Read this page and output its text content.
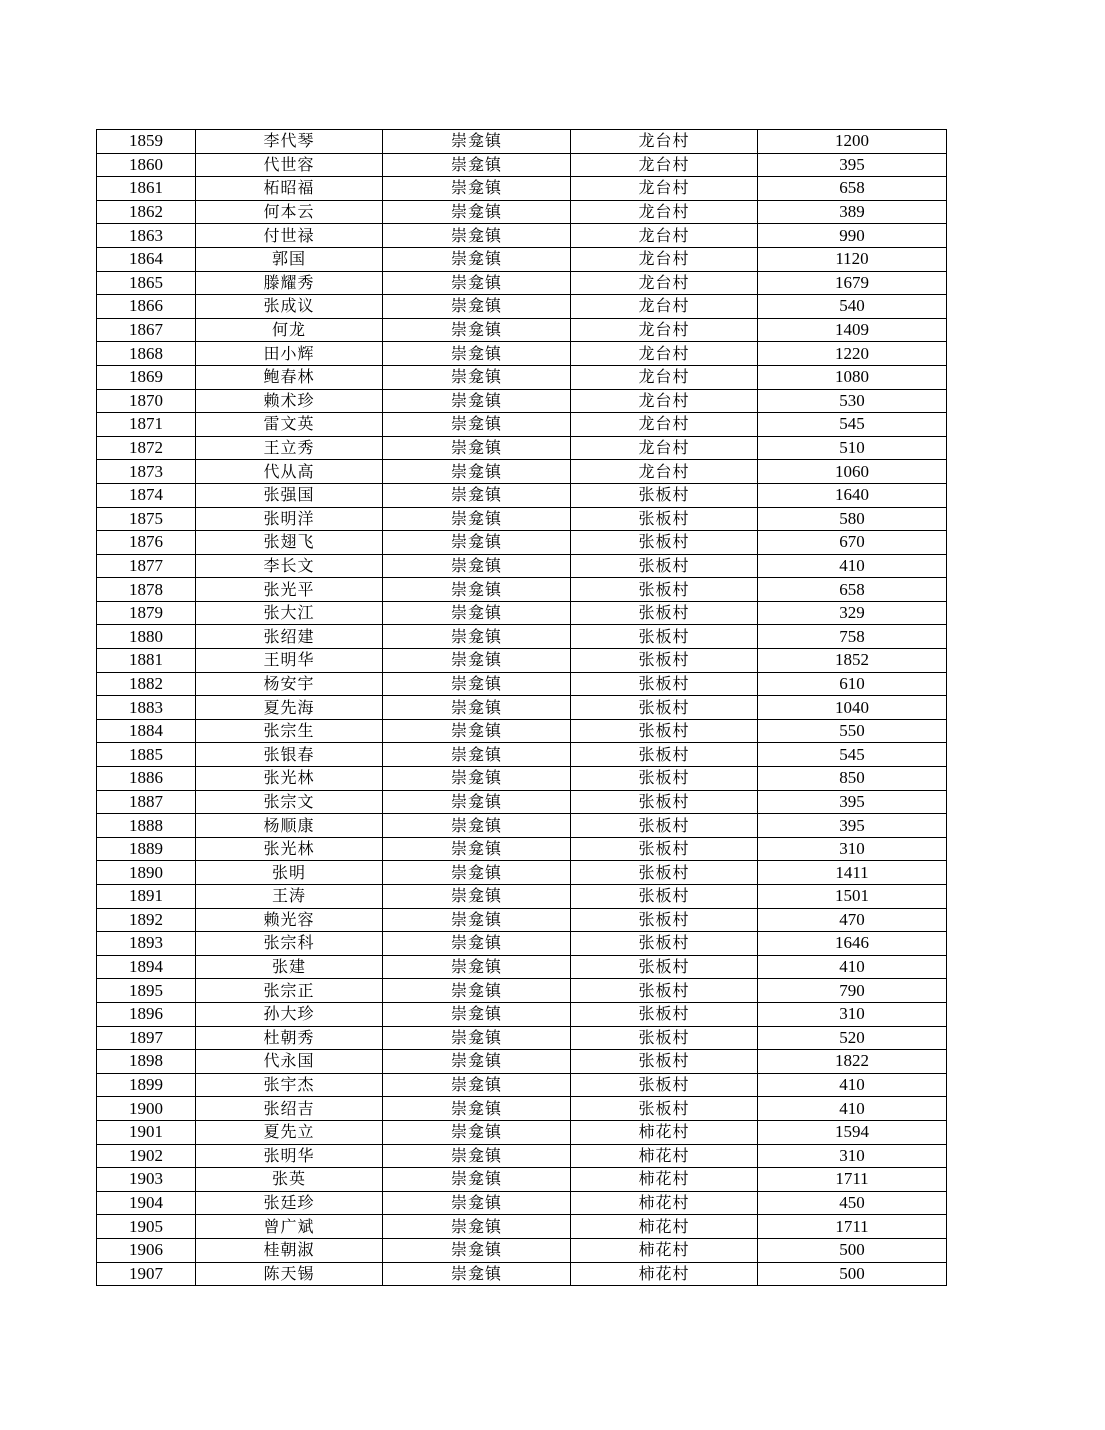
1859	李代琴	崇龛镇	龙台村	1200
1860	代世容	崇龛镇	龙台村	395
1861	柘昭福	崇龛镇	龙台村	658
1862	何本云	崇龛镇	龙台村	389
1863	付世禄	崇龛镇	龙台村	990
1864	郭国	崇龛镇	龙台村	1120
1865	滕耀秀	崇龛镇	龙台村	1679
1866	张成议	崇龛镇	龙台村	540
1867	何龙	崇龛镇	龙台村	1409
1868	田小辉	崇龛镇	龙台村	1220
1869	鲍春林	崇龛镇	龙台村	1080
1870	赖术珍	崇龛镇	龙台村	530
1871	雷文英	崇龛镇	龙台村	545
1872	王立秀	崇龛镇	龙台村	510
1873	代从高	崇龛镇	龙台村	1060
1874	张强国	崇龛镇	张板村	1640
1875	张明洋	崇龛镇	张板村	580
1876	张翅飞	崇龛镇	张板村	670
1877	李长文	崇龛镇	张板村	410
1878	张光平	崇龛镇	张板村	658
1879	张大江	崇龛镇	张板村	329
1880	张绍建	崇龛镇	张板村	758
1881	王明华	崇龛镇	张板村	1852
1882	杨安宇	崇龛镇	张板村	610
1883	夏先海	崇龛镇	张板村	1040
1884	张宗生	崇龛镇	张板村	550
1885	张银春	崇龛镇	张板村	545
1886	张光林	崇龛镇	张板村	850
1887	张宗文	崇龛镇	张板村	395
1888	杨顺康	崇龛镇	张板村	395
1889	张光林	崇龛镇	张板村	310
1890	张明	崇龛镇	张板村	1411
1891	王涛	崇龛镇	张板村	1501
1892	赖光容	崇龛镇	张板村	470
1893	张宗科	崇龛镇	张板村	1646
1894	张建	崇龛镇	张板村	410
1895	张宗正	崇龛镇	张板村	790
1896	孙大珍	崇龛镇	张板村	310
1897	杜朝秀	崇龛镇	张板村	520
1898	代永国	崇龛镇	张板村	1822
1899	张宇杰	崇龛镇	张板村	410
1900	张绍吉	崇龛镇	张板村	410
1901	夏先立	崇龛镇	柿花村	1594
1902	张明华	崇龛镇	柿花村	310
1903	张英	崇龛镇	柿花村	1711
1904	张廷珍	崇龛镇	柿花村	450
1905	曾广斌	崇龛镇	柿花村	1711
1906	桂朝淑	崇龛镇	柿花村	500
1907	陈天锡	崇龛镇	柿花村	500
